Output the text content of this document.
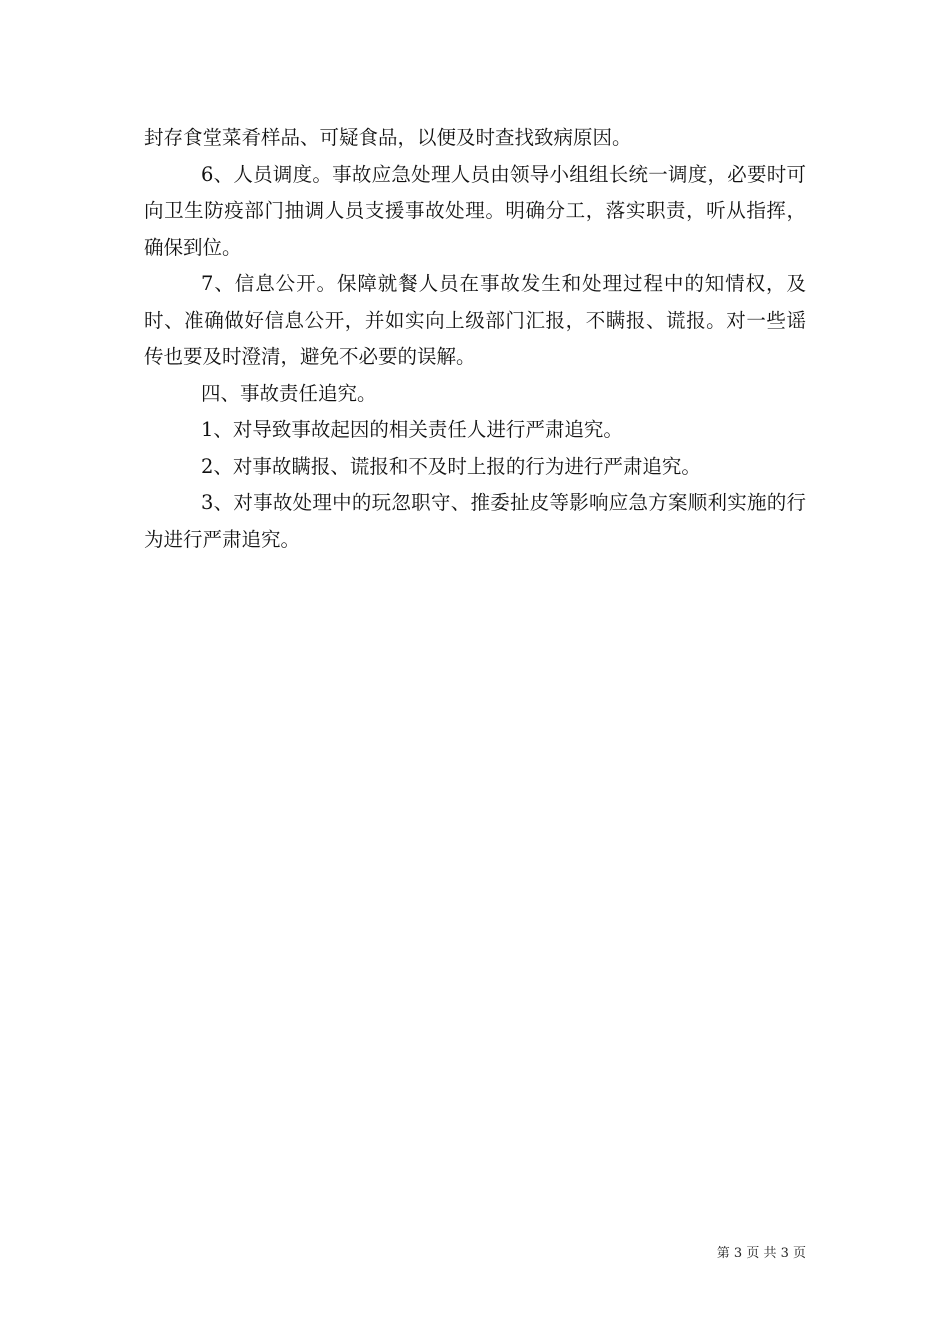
封存食堂菜肴样品、可疑食品，以便及时查找致病原因。

6、人员调度。事故应急处理人员由领导小组组长统一调度，必要时可向卫生防疫部门抽调人员支援事故处理。明确分工，落实职责，听从指挥，确保到位。

7、信息公开。保障就餐人员在事故发生和处理过程中的知情权，及时、准确做好信息公开，并如实向上级部门汇报，不瞒报、谎报。对一些谣传也要及时澄清，避免不必要的误解。

四、事故责任追究。

1、对导致事故起因的相关责任人进行严肃追究。

2、对事故瞒报、谎报和不及时上报的行为进行严肃追究。

3、对事故处理中的玩忽职守、推委扯皮等影响应急方案顺利实施的行为进行严肃追究。

第 3 页 共 3 页
